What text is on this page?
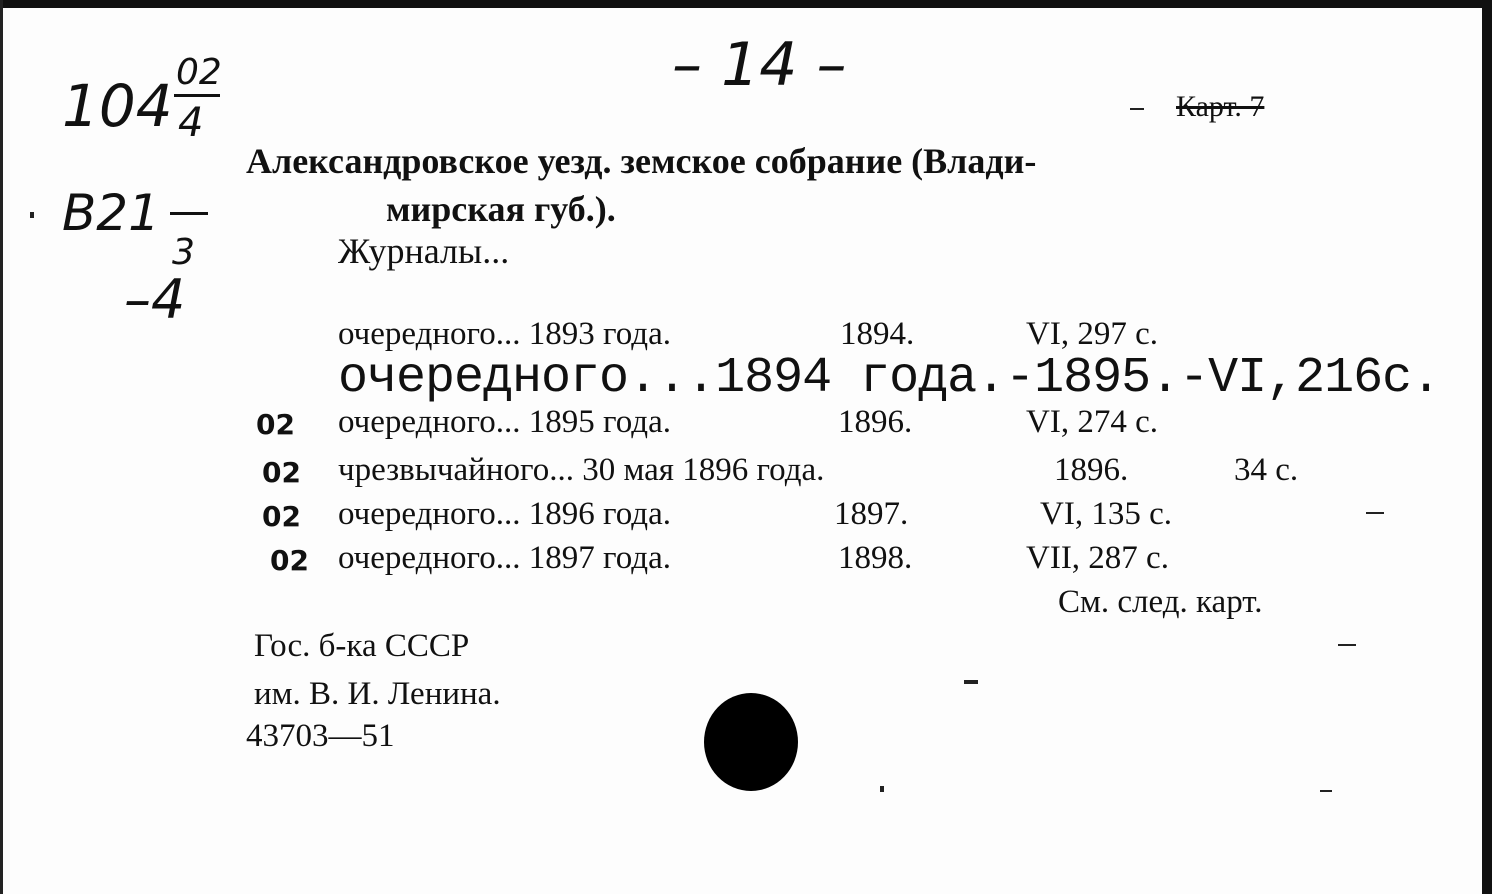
– 14 –
104 02
4
В21
3
–4
Карт. 7
Александровское уезд. земское собрание (Влади-
мирская губ.).
Журналы...
очередного... 1893 года.	1894.	VI, 297 с.
очередного...1894 года.-1895.-VI,216с.
02 очередного... 1895 года.	1896.	VI, 274 с.
02 чрезвычайного... 30 мая 1896 года.	1896.	34 с.
02 очередного... 1896 года.	1897.	VI, 135 с.
02 очередного... 1897 года.	1898.	VII, 287 с.
См. след. карт.
Гос. б-ка СССР
им. В. И. Ленина.
43703—51
